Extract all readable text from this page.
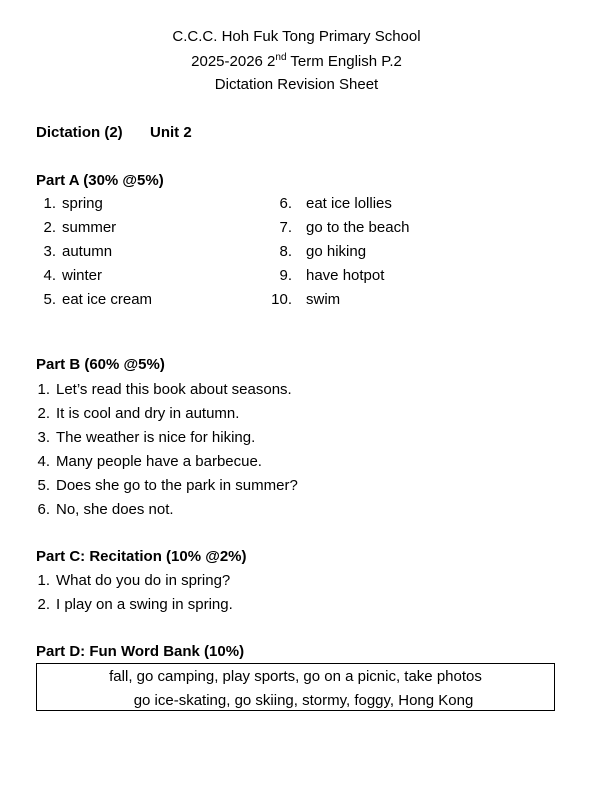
C.C.C. Hoh Fuk Tong Primary School
2025-2026 2nd Term English P.2
Dictation Revision Sheet
Dictation (2) Unit 2
Part A (30% @5%)
1. spring
2. summer
3. autumn
4. winter
5. eat ice cream
6. eat ice lollies
7. go to the beach
8. go hiking
9. have hotpot
10. swim
Part B (60% @5%)
1. Let’s read this book about seasons.
2. It is cool and dry in autumn.
3. The weather is nice for hiking.
4. Many people have a barbecue.
5. Does she go to the park in summer?
6. No, she does not.
Part C: Recitation (10% @2%)
1. What do you do in spring?
2. I play on a swing in spring.
Part D: Fun Word Bank (10%)
fall, go camping, play sports, go on a picnic, take photos
go ice-skating, go skiing, stormy, foggy, Hong Kong
